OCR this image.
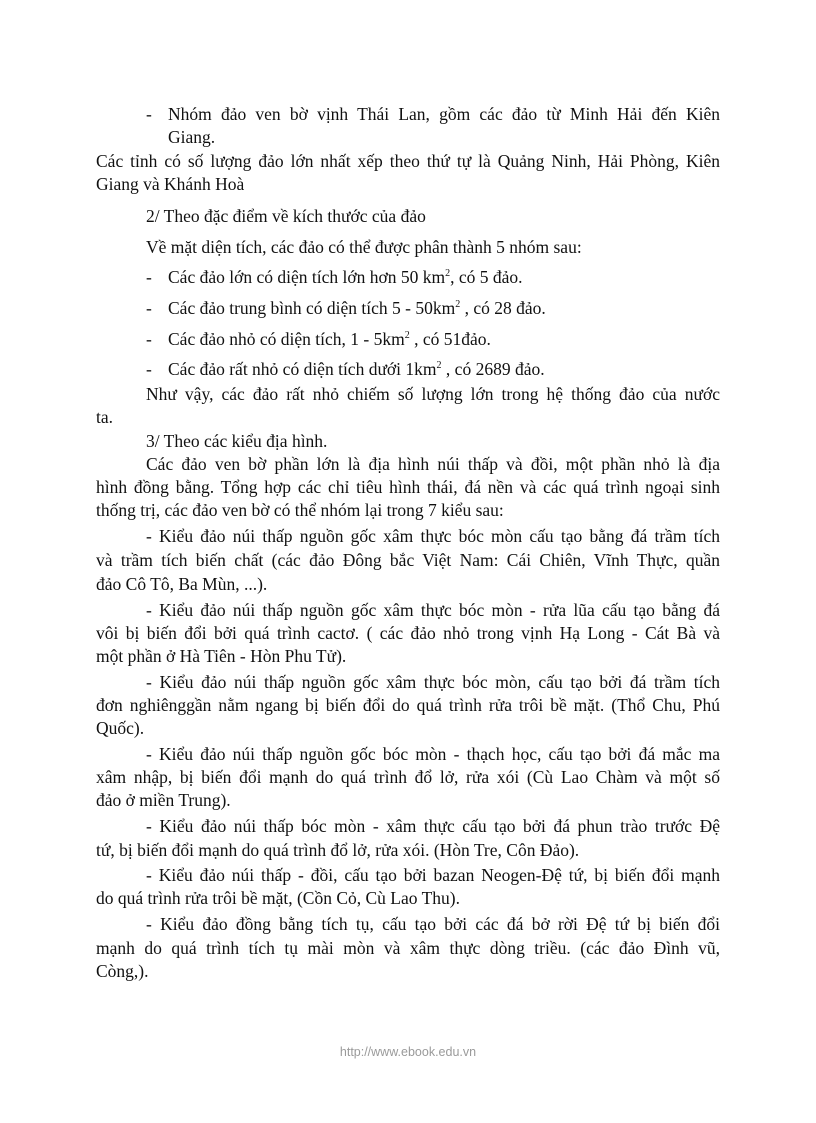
- Nhóm đảo ven bờ vịnh Thái Lan, gồm các đảo từ Minh Hải đến Kiên

Giang.

Các tỉnh có số lượng đảo lớn nhất xếp theo thứ tự là Quảng Ninh, Hải Phòng, Kiên

Giang và Khánh Hoà

2/ Theo đặc điểm về kích thước của đảo

Về mặt diện tích, các đảo có thể được phân thành 5 nhóm sau:

- Các đảo lớn có diện tích lớn hơn 50 $km^2$, có 5 đảo.

- Các đảo trung bình có diện tích $5 - 50km^2$ , có 28 đảo.

- Các đảo nhỏ có diện tích, $1 - 5km^2$ , có 51đảo.

- Các đảo rất nhỏ có diện tích dưới $1km^2$ , có 2689 đảo.

Như vậy, các đảo rất nhỏ chiếm số lượng lớn trong hệ thống đảo của nước

ta.

3/ Theo các kiểu địa hình.

Các đảo ven bờ phần lớn là địa hình núi thấp và đồi, một phần nhỏ là địa

hình đồng bằng. Tổng hợp các chỉ tiêu hình thái, đá nền và các quá trình ngoại sinh

thống trị, các đảo ven bờ có thể nhóm lại trong 7 kiểu sau:

- Kiểu đảo núi thấp nguồn gốc xâm thực bóc mòn cấu tạo bằng đá trầm tích

và trầm tích biến chất (các đảo Đông bắc Việt Nam: Cái Chiên, Vĩnh Thực, quần

đảo Cô Tô, Ba Mùn, ...).

- Kiểu đảo núi thấp nguồn gốc xâm thực bóc mòn - rửa lũa cấu tạo bằng đá

vôi bị biến đổi bởi quá trình cactơ. ( các đảo nhỏ trong vịnh Hạ Long - Cát Bà và

một phần ở Hà Tiên - Hòn Phu Tử).

- Kiểu đảo núi thấp nguồn gốc xâm thực bóc mòn, cấu tạo bởi đá trầm tích

đơn nghiênggần nằm ngang bị biến đổi do quá trình rửa trôi bề mặt. (Thổ Chu, Phú

Quốc).

- Kiểu đảo núi thấp nguồn gốc bóc mòn - thạch học, cấu tạo bởi đá mắc ma

xâm nhập, bị biến đổi mạnh do quá trình đổ lở, rửa xói (Cù Lao Chàm và một số

đảo ở miền Trung).

- Kiểu đảo núi thấp bóc mòn - xâm thực cấu tạo bởi đá phun trào trước Đệ

tứ, bị biến đổi mạnh do quá trình đổ lở, rửa xói. (Hòn Tre, Côn Đảo).

- Kiểu đảo núi thấp - đồi, cấu tạo bởi bazan Neogen-Đệ tứ, bị biến đổi mạnh

do quá trình rửa trôi bề mặt, (Cồn Cỏ, Cù Lao Thu).

- Kiểu đảo đồng bằng tích tụ, cấu tạo bởi các đá bở rời Đệ tứ bị biến đổi

mạnh do quá trình tích tụ mài mòn và xâm thực dòng triều. (các đảo Đình vũ,

Còng,).

http://www.ebook.edu.vn
